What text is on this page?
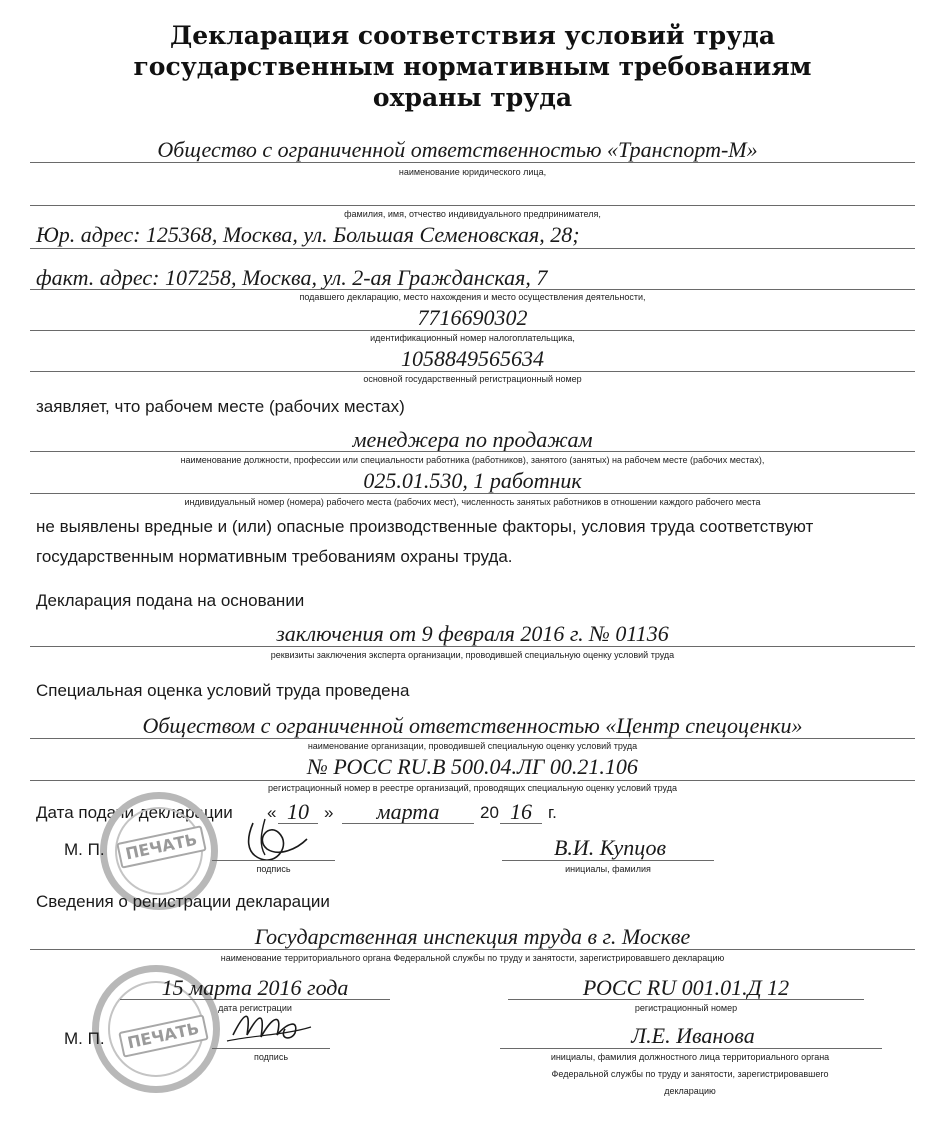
Декларация соответствия условий труда
государственным нормативным требованиям
охраны труда
Общество с ограниченной ответственностью «Транспорт-М»
наименование юридического лица,
фамилия, имя, отчество индивидуального предпринимателя,
Юр. адрес: 125368, Москва, ул. Большая Семеновская, 28;
факт. адрес: 107258, Москва, ул. 2-ая Гражданская, 7
подавшего декларацию, место нахождения и место осуществления деятельности,
7716690302
идентификационный номер налогоплательщика,
1058849565634
основной государственный регистрационный номер
заявляет, что рабочем месте (рабочих местах)
менеджера по продажам
наименование должности, профессии или специальности работника (работников), занятого (занятых) на рабочем месте (рабочих местах),
025.01.530, 1 работник
индивидуальный номер (номера) рабочего места (рабочих мест), численность занятых работников в отношении каждого рабочего места
не выявлены вредные и (или) опасные производственные факторы, условия труда соответствуют
государственным нормативным требованиям охраны труда.
Декларация подана на основании
заключения от 9 февраля 2016 г. № 01136
реквизиты заключения эксперта организации, проводившей специальную оценку условий труда
Специальная оценка условий труда проведена
Обществом с ограниченной ответственностью «Центр спецоценки»
наименование организации, проводившей специальную оценку условий труда
№ РОСС RU.В 500.04.ЛГ 00.21.106
регистрационный номер в реестре организаций, проводящих специальную оценку условий труда
Дата подачи декларации « 10 »	марта	20 16 г.
М. П.	ПЕЧАТЬ
подпись
В.И. Купцов
инициалы, фамилия
Сведения о регистрации декларации
Государственная инспекция труда в г. Москве
наименование территориального органа Федеральной службы по труду и занятости, зарегистрировавшего декларацию
15 марта 2016 года
дата регистрации
РОСС RU 001.01.Д 12
регистрационный номер
М. П.	ПЕЧАТЬ
подпись
Л.Е. Иванова
инициалы, фамилия должностного лица территориального органа
Федеральной службы по труду и занятости, зарегистрировавшего
декларацию
